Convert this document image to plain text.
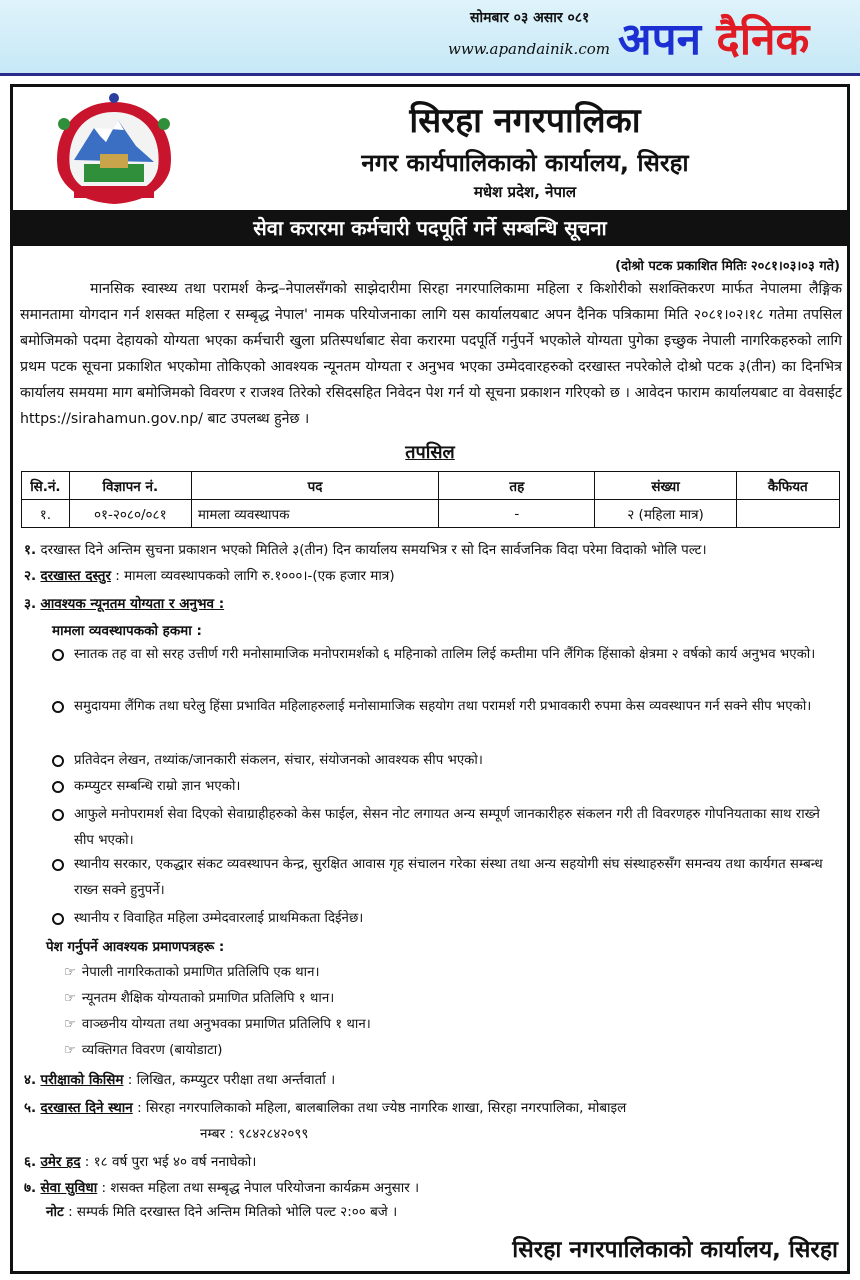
सोमबार ०३ असार ०८१
www.apandainik.com अपन दैनिक
सिरहा नगरपालिका
नगर कार्यपालिकाको कार्यालय, सिरहा
मधेश प्रदेश, नेपाल
सेवा करारमा कर्मचारी पदपूर्ति गर्ने सम्बन्धि सूचना
(दोश्रो पटक प्रकाशित मितिः २०८१।०३।०३ गते)
मानसिक स्वास्थ्य तथा परामर्श केन्द्र–नेपालसँगको साझेदारीमा सिरहा नगरपालिकामा महिला र किशोरीको सशक्तिकरण मार्फत नेपालमा लैङ्गिक समानतामा योगदान गर्न शसक्त महिला र सम्बृद्ध नेपाल' नामक परियोजनाका लागि यस कार्यालयबाट अपन दैनिक पत्रिकामा मिति २०८१।०२।१८ गतेमा तपसिल बमोजिमको पदमा देहायको योग्यता भएका कर्मचारी खुला प्रतिस्पर्धाबाट सेवा करारमा पदपूर्ति गर्नुपर्ने भएकोले योग्यता पुगेका इच्छुक नेपाली नागरिकहरुको लागि प्रथम पटक सूचना प्रकाशित भएकोमा तोकिएको आवश्यक न्यूनतम योग्यता र अनुभव भएका उम्मेदवारहरुको दरखास्त नपरेकोले दोश्रो पटक ३(तीन) का दिनभित्र कार्यालय समयमा माग बमोजिमको विवरण र राजश्व तिरेको रसिदसहित निवेदन पेश गर्न यो सूचना प्रकाशन गरिएको छ । आवेदन फाराम कार्यालयबाट वा वेवसाईट https://sirahamun.gov.np/ बाट उपलब्ध हुनेछ ।
तपसिल
सि.नं.	विज्ञापन नं.	पद	तह	संख्या	कैफियत
१.	०१-२०८०/०८१	मामला व्यवस्थापक	-	२ (महिला मात्र)	
१. दरखास्त दिने अन्तिम सुचना प्रकाशन भएको मितिले ३(तीन) दिन कार्यालय समयभित्र र सो दिन सार्वजनिक विदा परेमा विदाको भोलि पल्ट।
२. दरखास्त दस्तुर : मामला व्यवस्थापकको लागि रु.१०००।-(एक हजार मात्र)
३. आवश्यक न्यूनतम योग्यता र अनुभव :
मामला व्यवस्थापकको हकमा :
स्नातक तह वा सो सरह उत्तीर्ण गरी मनोसामाजिक मनोपरामर्शको ६ महिनाको तालिम लिई कम्तीमा पनि लैंगिक हिंसाको क्षेत्रमा २ वर्षको कार्य अनुभव भएको।
समुदायमा लैंगिक तथा घरेलु हिंसा प्रभावित महिलाहरुलाई मनोसामाजिक सहयोग तथा परामर्श गरी प्रभावकारी रुपमा केस व्यवस्थापन गर्न सक्ने सीप भएको।
प्रतिवेदन लेखन, तथ्यांक/जानकारी संकलन, संचार, संयोजनको आवश्यक सीप भएको।
कम्प्युटर सम्बन्धि राम्रो ज्ञान भएको।
आफुले मनोपरामर्श सेवा दिएको सेवाग्राहीहरुको केस फाईल, सेसन नोट लगायत अन्य सम्पूर्ण जानकारीहरु संकलन गरी ती विवरणहरु गोपनियताका साथ राख्ने सीप भएको।
स्थानीय सरकार, एकद्धार संकट व्यवस्थापन केन्द्र, सुरक्षित आवास गृह संचालन गरेका संस्था तथा अन्य सहयोगी संघ संस्थाहरुसँग समन्वय तथा कार्यगत सम्बन्ध राख्न सक्ने हुनुपर्ने।
स्थानीय र विवाहित महिला उम्मेदवारलाई प्राथमिकता दिईनेछ।
पेश गर्नुपर्ने आवश्यक प्रमाणपत्रहरू :
☞ नेपाली नागरिकताको प्रमाणित प्रतिलिपि एक थान।
☞ न्यूनतम शैक्षिक योग्यताको प्रमाणित प्रतिलिपि १ थान।
☞ वाञ्छनीय योग्यता तथा अनुभवका प्रमाणित प्रतिलिपि १ थान।
☞ व्यक्तिगत विवरण (बायोडाटा)
४. परीक्षाको किसिम : लिखित, कम्प्युटर परीक्षा तथा अर्न्तवार्ता ।
५. दरखास्त दिने स्थान : सिरहा नगरपालिकाको महिला, बालबालिका तथा ज्येष्ठ नागरिक शाखा, सिरहा नगरपालिका, मोबाइल
नम्बर : ९८४२८४२०९९
६. उमेर हद : १८ वर्ष पुरा भई ४० वर्ष ननाघेको।
७. सेवा सुविधा : शसक्त महिला तथा सम्बृद्ध नेपाल परियोजना कार्यक्रम अनुसार ।
नोट : सम्पर्क मिति दरखास्त दिने अन्तिम मितिको भोलि पल्ट २:०० बजे ।
सिरहा नगरपालिकाको कार्यालय, सिरहा
